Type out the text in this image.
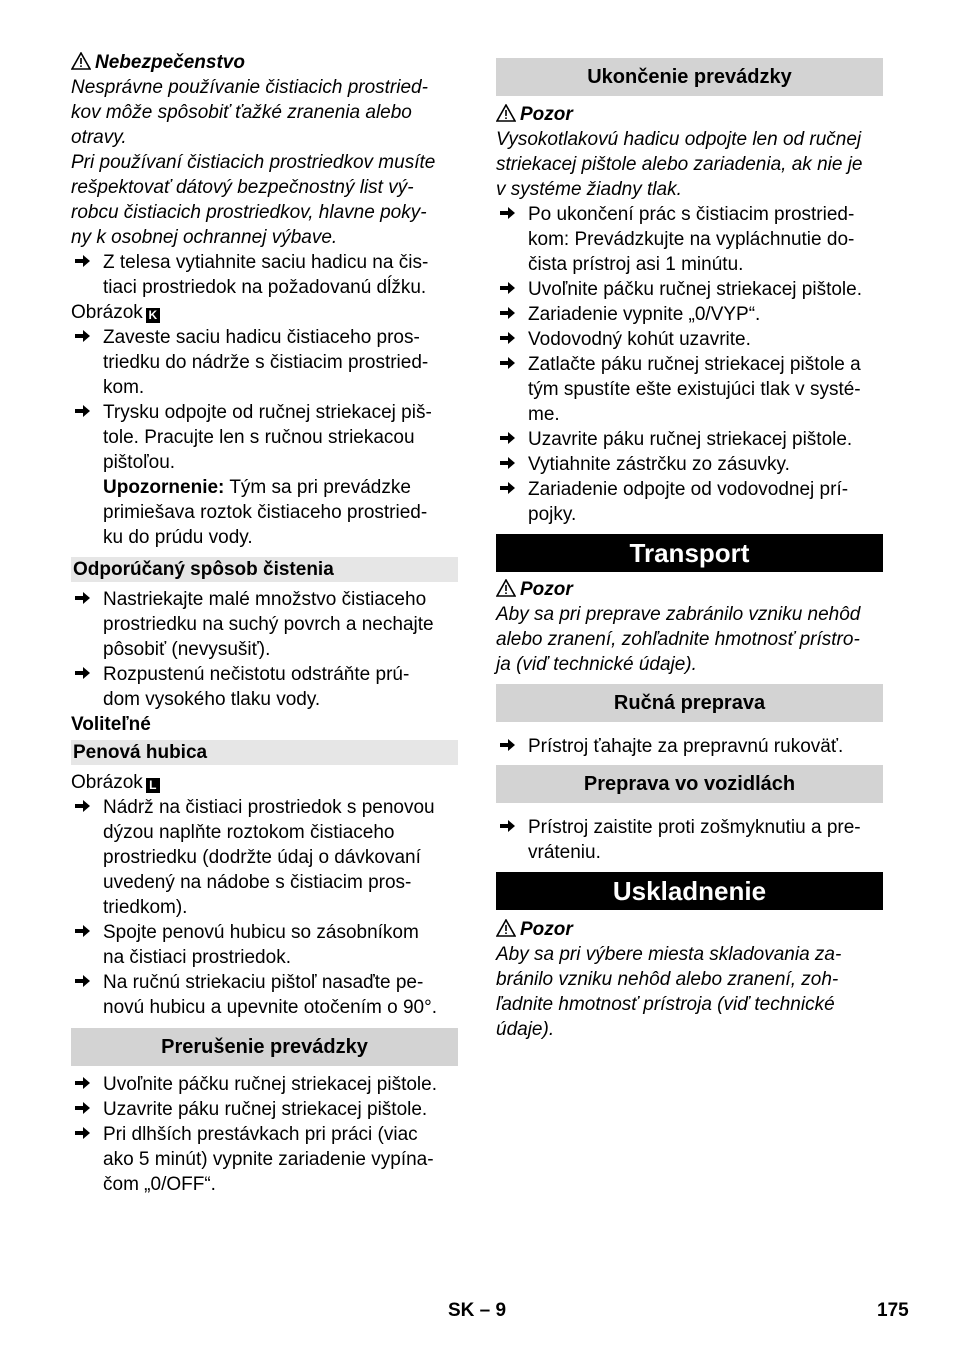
Nebezpečenstvo
Nesprávne používanie čistiacich prostried-
kov môže spôsobiť ťažké zranenia alebo
otravy.
Pri používaní čistiacich prostriedkov musíte
rešpektovať dátový bezpečnostný list vý-
robcu čistiacich prostriedkov, hlavne poky-
ny k osobnej ochrannej výbave.
Z telesa vytiahnite saciu hadicu na čis-
tiaci prostriedok na požadovanú dĺžku.
Obrázok K
Zaveste saciu hadicu čistiaceho pros-
triedku do nádrže s čistiacim prostried-
kom.
Trysku odpojte od ručnej striekacej piš-
tole. Pracujte len s ručnou striekacou
pištoľou.
Upozornenie: Tým sa pri prevádzke
primiešava roztok čistiaceho prostried-
ku do prúdu vody.
Odporúčaný spôsob čistenia
Nastriekajte malé množstvo čistiaceho
prostriedku na suchý povrch a nechajte
pôsobiť (nevysušiť).
Rozpustenú nečistotu odstráňte prú-
dom vysokého tlaku vody.
Voliteľné
Penová hubica
Obrázok L
Nádrž na čistiaci prostriedok s penovou
dýzou naplňte roztokom čistiaceho
prostriedku (dodržte údaj o dávkovaní
uvedený na nádobe s čistiacim pros-
triedkom).
Spojte penovú hubicu so zásobníkom
na čistiaci prostriedok.
Na ručnú striekaciu pištoľ nasaďte pe-
novú hubicu a upevnite otočením o 90°.
Prerušenie prevádzky
Uvoľnite páčku ručnej striekacej pištole.
Uzavrite páku ručnej striekacej pištole.
Pri dlhších prestávkach pri práci (viac
ako 5 minút) vypnite zariadenie vypína-
čom „0/OFF“.
Ukončenie prevádzky
Pozor
Vysokotlakovú hadicu odpojte len od ručnej
striekacej pištole alebo zariadenia, ak nie je
v systéme žiadny tlak.
Po ukončení prác s čistiacim prostried-
kom: Prevádzkujte na vypláchnutie do-
čista prístroj asi 1 minútu.
Uvoľnite páčku ručnej striekacej pištole.
Zariadenie vypnite „0/VYP“.
Vodovodný kohút uzavrite.
Zatlačte páku ručnej striekacej pištole a
tým spustíte ešte existujúci tlak v systé-
me.
Uzavrite páku ručnej striekacej pištole.
Vytiahnite zástrčku zo zásuvky.
Zariadenie odpojte od vodovodnej prí-
pojky.
Transport
Pozor
Aby sa pri preprave zabránilo vzniku nehôd
alebo zranení, zohľadnite hmotnosť prístro-
ja (viď technické údaje).
Ručná preprava
Prístroj ťahajte za prepravnú rukoväť.
Preprava vo vozidlách
Prístroj zaistite proti zošmyknutiu a pre-
vráteniu.
Uskladnenie
Pozor
Aby sa pri výbere miesta skladovania za-
bránilo vzniku nehôd alebo zranení, zoh-
ľadnite hmotnosť prístroja (viď technické
údaje).
SK – 9	175
